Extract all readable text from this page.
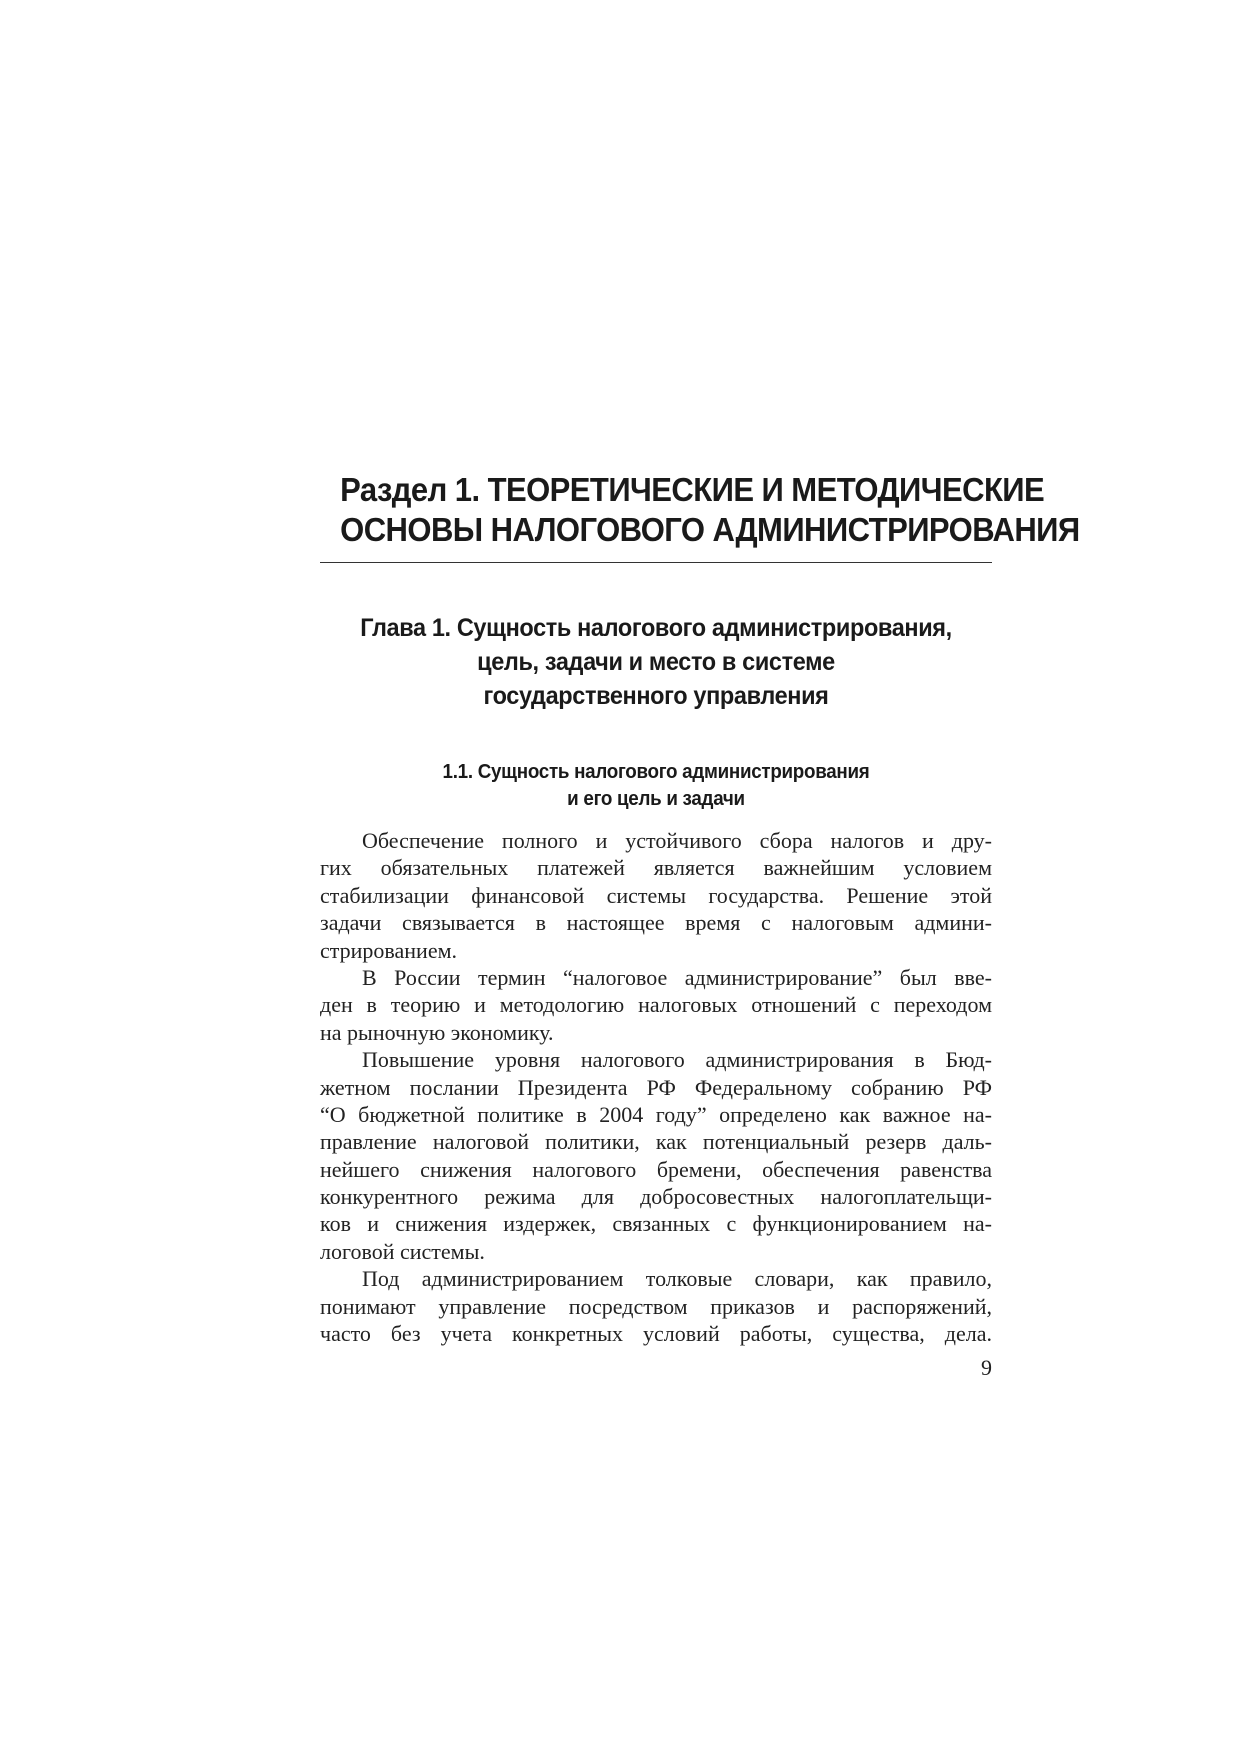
Раздел 1. ТЕОРЕТИЧЕСКИЕ И МЕТОДИЧЕСКИЕ
ОСНОВЫ НАЛОГОВОГО АДМИНИСТРИРОВАНИЯ
Глава 1. Сущность налогового администрирования,
цель, задачи и место в системе
государственного управления
1.1. Сущность налогового администрирования
и его цель и задачи
Обеспечение полного и устойчивого сбора налогов и дру-
гих обязательных платежей является важнейшим условием
стабилизации финансовой системы государства. Решение этой
задачи связывается в настоящее время с налоговым админи-
стрированием.
В России термин “налоговое администрирование” был вве-
ден в теорию и методологию налоговых отношений с переходом
на рыночную экономику.
Повышение уровня налогового администрирования в Бюд-
жетном послании Президента РФ Федеральному собранию РФ
“О бюджетной политике в 2004 году” определено как важное на-
правление налоговой политики, как потенциальный резерв даль-
нейшего снижения налогового бремени, обеспечения равенства
конкурентного режима для добросовестных налогоплательщи-
ков и снижения издержек, связанных с функционированием на-
логовой системы.
Под администрированием толковые словари, как правило,
понимают управление посредством приказов и распоряжений,
часто без учета конкретных условий работы, существа, дела.
9
